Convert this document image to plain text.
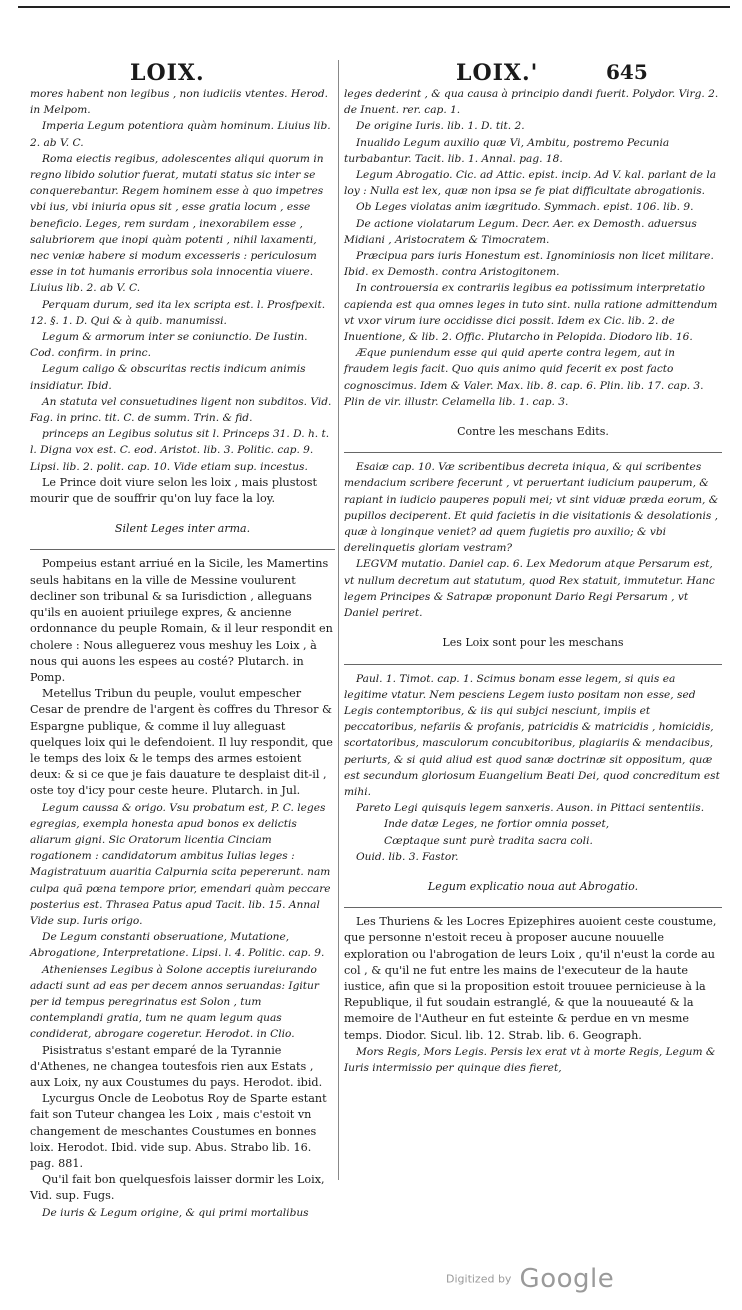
LOIX.	LOIX.'	645

mores habent non legibus , non iudiciis vtentes. Herod. in Melpom.

Imperia Legum potentiora quàm hominum. Liuius lib. 2. ab V. C.

Roma eiectis regibus, adolescentes aliqui quorum in regno libido solutior fuerat, mutati status sic inter se conquerebantur. Regem hominem esse à quo impetres vbi ius, vbi iniuria opus sit , esse gratia locum , esse beneficio. Leges, rem surdam , inexorabilem esse , salubriorem que inopi quàm potenti , nihil laxamenti, nec veniæ habere si modum excesseris : periculosum esse in tot humanis erroribus sola innocentia viuere. Liuius lib. 2. ab V. C.

Perquam durum, sed ita lex scripta est. l. Prosfpexit. 12. §. 1. D. Qui & à quib. manumissi.

Legum & armorum inter se coniunctio. De Iustin. Cod. confirm. in princ.

Legum caligo & obscuritas rectis indicum animis insidiatur. Ibid.

An statuta vel consuetudines ligent non subditos. Vid. Fag. in princ. tit. C. de summ. Trin. & fid.

princeps an Legibus solutus sit l. Princeps 31. D. h. t. l. Digna vox est. C. eod. Aristot. lib. 3. Politic. cap. 9. Lipsi. lib. 2. polit. cap. 10. Vide etiam sup. incestus.

Le Prince doit viure selon les loix , mais plustost mourir que de souffrir qu'on luy face la loy.

Silent Leges inter arma.

Pompeius estant arriué en la Sicile, les Mamertins seuls habitans en la ville de Messine voulurent decliner son tribunal & sa Iurisdiction , alleguans qu'ils en auoient priuilege expres, & ancienne ordonnance du peuple Romain, & il leur respondit en cholere : Nous alleguerez vous meshuy les Loix , à nous qui auons les espees au costé? Plutarch. in Pomp.

Metellus Tribun du peuple, voulut empescher Cesar de prendre de l'argent ès coffres du Thresor & Espargne publique, & comme il luy alleguast quelques loix qui le defendoient. Il luy respondit, que le temps des loix & le temps des armes estoient deux: & si ce que je fais dauature te desplaist dit-il , oste toy d'icy pour ceste heure. Plutarch. in Jul.

Legum caussa & origo. Vsu probatum est, P. C. leges egregias, exempla honesta apud bonos ex delictis aliarum gigni. Sic Oratorum licentia Cinciam rogationem : candidatorum ambitus Iulias leges : Magistratuum auaritia Calpurnia scita pepererunt. nam culpa quã pœna tempore prior, emendari quàm peccare posterius est. Thrasea Patus apud Tacit. lib. 15. Annal Vide sup. Iuris origo.

De Legum constanti obseruatione, Mutatione, Abrogatione, Interpretatione. Lipsi. l. 4. Politic. cap. 9.

Athenienses Legibus à Solone acceptis iureiurando adacti sunt ad eas per decem annos seruandas: Igitur per id tempus peregrinatus est Solon , tum contemplandi gratia, tum ne quam legum quas condiderat, abrogare cogeretur. Herodot. in Clio.

Pisistratus s'estant emparé de la Tyrannie d'Athenes, ne changea toutesfois rien aux Estats , aux Loix, ny aux Coustumes du pays. Herodot. ibid.

Lycurgus Oncle de Leobotus Roy de Sparte estant fait son Tuteur changea les Loix , mais c'estoit vn changement de meschantes Coustumes en bonnes loix. Herodot. Ibid. vide sup. Abus. Strabo lib. 16. pag. 881.

Qu'il fait bon quelquesfois laisser dormir les Loix, Vid. sup. Fugs.

De iuris & Legum origine, & qui primi mortalibus

leges dederint , & qua causa à principio dandi fuerit. Polydor. Virg. 2. de Inuent. rer. cap. 1.

De origine Iuris. lib. 1. D. tit. 2.

Inualido Legum auxilio quæ Vi, Ambitu, postremo Pecunia turbabantur. Tacit. lib. 1. Annal. pag. 18.

Legum Abrogatio. Cic. ad Attic. epist. incip. Ad V. kal. parlant de la loy : Nulla est lex, quæ non ipsa se fe piat difficultate abrogationis.

Ob Leges violatas anim iægritudo. Symmach. epist. 106. lib. 9.

De actione violatarum Legum. Decr. Aer. ex Demosth. aduersus Midiani , Aristocratem & Timocratem.

Præcipua pars iuris Honestum est. Ignominiosis non licet militare. Ibid. ex Demosth. contra Aristogitonem.

In controuersia ex contrariis legibus ea potissimum interpretatio capienda est qua omnes leges in tuto sint. nulla ratione admittendum vt vxor virum iure occidisse dici possit. Idem ex Cic. lib. 2. de Inuentione, & lib. 2. Offic. Plutarcho in Pelopida. Diodoro lib. 16.

Æque puniendum esse qui quid aperte contra legem, aut in fraudem legis facit. Quo quis animo quid fecerit ex post facto cognoscimus. Idem & Valer. Max. lib. 8. cap. 6. Plin. lib. 17. cap. 3. Plin de vir. illustr. Celamella lib. 1. cap. 3.

Contre les meschans Edits.

Esaiæ cap. 10. Væ scribentibus decreta iniqua, & qui scribentes mendacium scribere fecerunt , vt peruertant iudicium pauperum, & rapiant in iudicio pauperes populi mei; vt sint viduæ præda eorum, & pupillos deciperent. Et quid facietis in die visitationis & desolationis , quæ à longinque veniet? ad quem fugietis pro auxilio; & vbi derelinquetis gloriam vestram?

LEGVM mutatio. Daniel cap. 6. Lex Medorum atque Persarum est, vt nullum decretum aut statutum, quod Rex statuit, immutetur. Hanc legem Principes & Satrapæ proponunt Dario Regi Persarum , vt Daniel periret.

Les Loix sont pour les meschans

Paul. 1. Timot. cap. 1. Scimus bonam esse legem, si quis ea legitime vtatur. Nem pesciens Legem iusto positam non esse, sed Legis contemptoribus, & iis qui subjci nesciunt, impiis et peccatoribus, nefariis & profanis, patricidis & matricidis , homicidis, scortatoribus, masculorum concubitoribus, plagiariis & mendacibus, periurts, & si quid aliud est quod sanæ doctrinæ sit oppositum, quæ est secundum gloriosum Euangelium Beati Dei, quod concreditum est mihi.

Pareto Legi quisquis legem sanxeris. Auson. in Pittaci sententiis.

Inde datæ Leges, ne fortior omnia posset,

Cœptaque sunt purè tradita sacra coli.

Ouid. lib. 3. Fastor.

Legum explicatio noua aut Abrogatio.

Les Thuriens & les Locres Epizephires auoient ceste coustume, que personne n'estoit receu à proposer aucune nouuelle exploration ou l'abrogation de leurs Loix , qu'il n'eust la corde au col , & qu'il ne fut entre les mains de l'executeur de la haute iustice, afin que si la proposition estoit trouuee pernicieuse à la Republique, il fut soudain estranglé, & que la nouueauté & la memoire de l'Autheur en fut esteinte & perdue en vn mesme temps. Diodor. Sicul. lib. 12. Strab. lib. 6. Geograph.

Mors Regis, Mors Legis. Persis lex erat vt à morte Regis, Legum & Iuris intermissio per quinque dies fieret,

Digitized by Google
